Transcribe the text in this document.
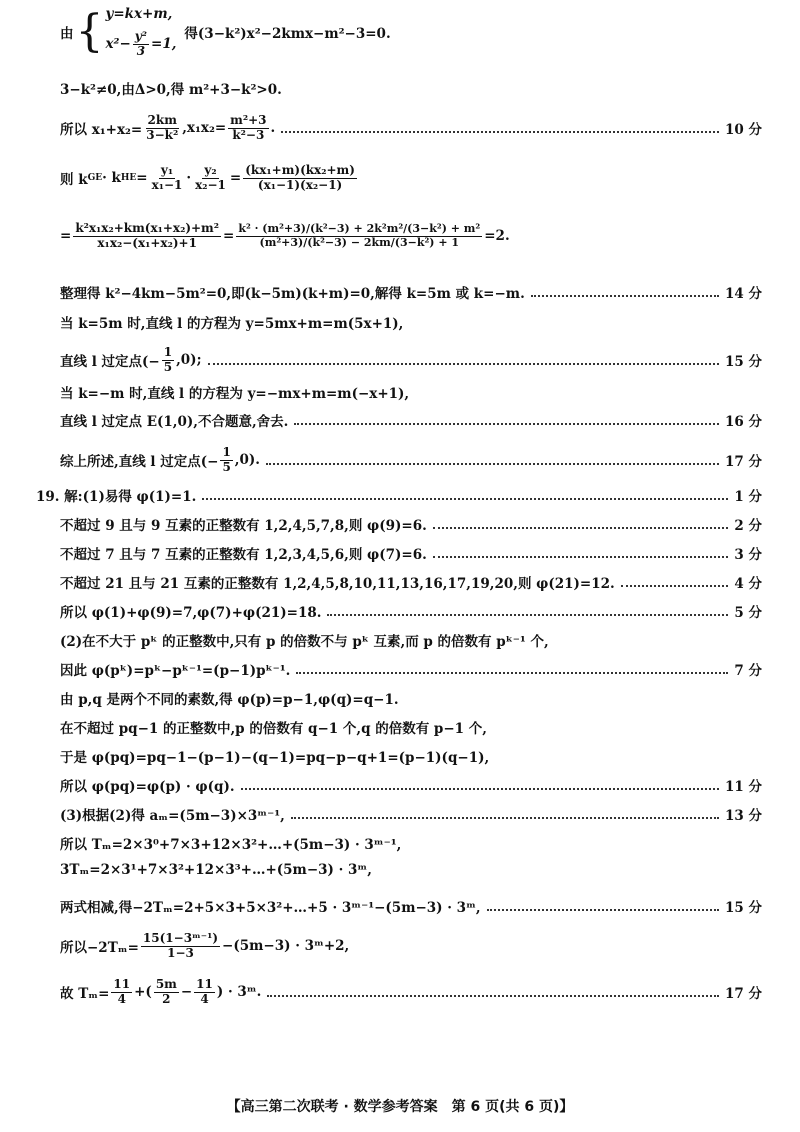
由 { y=kx+m,
$x^2- \frac{\text{y²}}{3} =1$,
得(3−k²)x²−2kmx−m²−3=0.
3−k²≠0,由Δ>0,得 m²+3−k²>0.
所以 $x_1+x_2= \frac{2km}{\text{3−k²}} ,x_1x_2= \frac{\text{m²+3}}{\text{k²−3}}$ .	10 分
则 k GE · k HE = $\frac{\text{y₁}}{\text{x₁−1}} \cdot \frac{\text{y₂}}{\text{x₂−1}} = \frac{\text{(kx₁+m)(kx₂+m)}}{\text{(x₁−1)(x₂−1)}}$
= $\frac{\text{k²x₁x₂+km(x₁+x₂)+m²}}{\text{x₁x₂−(x₁+x₂)+1}} = \frac{\text{k² · (m²+3)/(k²−3) + 2k²m²/(3−k²) + m²}}{\text{(m²+3)/(k²−3) − 2km/(3−k²) + 1}} =2$.
整理得 k²−4km−5m²=0,即(k−5m)(k+m)=0,解得 k=5m 或 k=−m.	14 分
当 k=5m 时,直线 l 的方程为 y=5mx+m=m(5x+1),
直线 l 过定点(− $\frac{1}{5} ,0$);	15 分
当 k=−m 时,直线 l 的方程为 y=−mx+m=m(−x+1),
直线 l 过定点 E(1,0),不合题意,舍去.	16 分
综上所述,直线 l 过定点(− $\frac{1}{5} ,0$).	17 分
19. 解:(1)易得 φ(1)=1.	1 分
不超过 9 且与 9 互素的正整数有 1,2,4,5,7,8,则 φ(9)=6.	2 分
不超过 7 且与 7 互素的正整数有 1,2,3,4,5,6,则 φ(7)=6.	3 分
不超过 21 且与 21 互素的正整数有 1,2,4,5,8,10,11,13,16,17,19,20,则 φ(21)=12.	4 分
所以 φ(1)+φ(9)=7,φ(7)+φ(21)=18.	5 分
(2)在不大于 pᵏ 的正整数中,只有 p 的倍数不与 pᵏ 互素,而 p 的倍数有 pᵏ⁻¹ 个,
因此 φ(pᵏ)=pᵏ−pᵏ⁻¹=(p−1)pᵏ⁻¹.	7 分
由 p,q 是两个不同的素数,得 φ(p)=p−1,φ(q)=q−1.
在不超过 pq−1 的正整数中,p 的倍数有 q−1 个,q 的倍数有 p−1 个,
于是 φ(pq)=pq−1−(p−1)−(q−1)=pq−p−q+1=(p−1)(q−1),
所以 φ(pq)=φ(p) · φ(q).	11 分
(3)根据(2)得 aₘ=(5m−3)×3ᵐ⁻¹,	13 分
所以 Tₘ=2×3⁰+7×3+12×3²+…+(5m−3) · 3ᵐ⁻¹,
3Tₘ=2×3¹+7×3²+12×3³+…+(5m−3) · 3ᵐ,
两式相减,得−2Tₘ=2+5×3+5×3²+…+5 · 3ᵐ⁻¹−(5m−3) · 3ᵐ,	15 分
所以$-2T_m= \frac{\text{15(1−3ᵐ⁻¹)}}{1-3} -(5m-3)$ · 3ᵐ+2,
故 $T_m= \frac{11}{4}$ +( $\frac{5m}{2} - \frac{11}{4}$ ) · 3ᵐ.	17 分
【高三第二次联考 · 数学参考答案　第 6 页(共 6 页)】
